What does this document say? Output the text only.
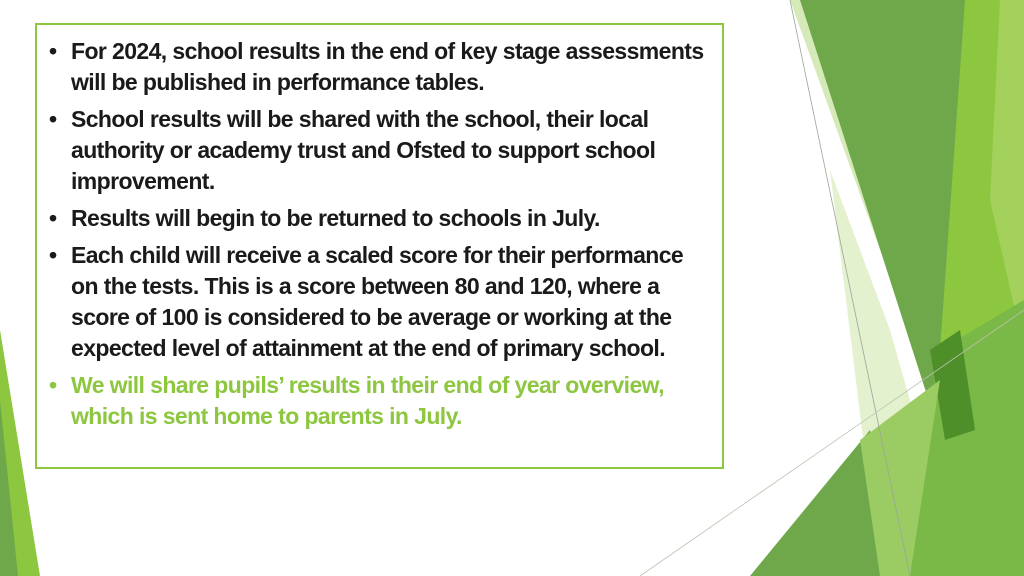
• For 2024, school results in the end of key stage assessments will be published in performance tables.
• School results will be shared with the school, their local authority or academy trust and Ofsted to support school improvement.
• Results will begin to be returned to schools in July.
• Each child will receive a scaled score for their performance on the tests. This is a score between 80 and 120, where a score of 100 is considered to be average or working at the expected level of attainment at the end of primary school.
• We will share pupils’ results in their end of year overview, which is sent home to parents in July.
